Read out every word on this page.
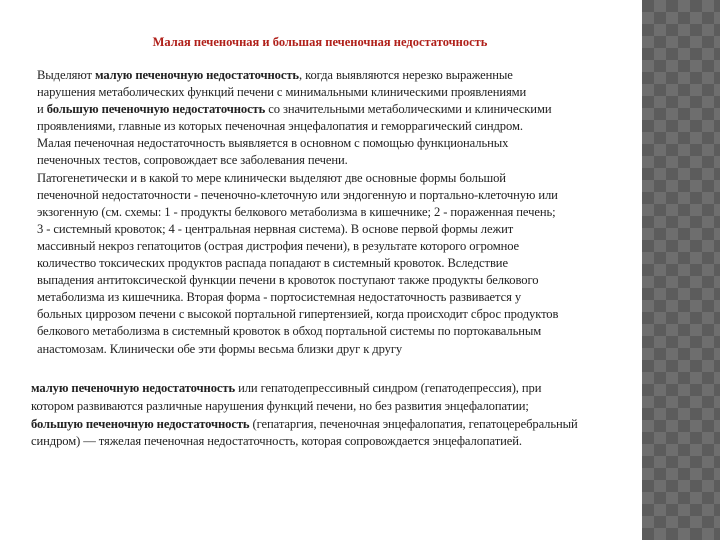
Малая печеночная и большая печеночная недостаточность
Выделяют малую печеночную недостаточность, когда выявляются нерезко выраженные
нарушения метаболических функций печени с минимальными клиническими проявлениями
и большую печеночную недостаточность со значительными метаболическими и клиническими
проявлениями, главные из которых печеночная энцефалопатия и геморрагический синдром.
Малая печеночная недостаточность выявляется в основном с помощью функциональных
печеночных тестов, сопровождает все заболевания печени.
Патогенетически и в какой то мере клинически выделяют две основные формы большой
печеночной недостаточности - печеночно-клеточную или эндогенную и портально-клеточную или
экзогенную (см. схемы: 1 - продукты белкового метаболизма в кишечнике; 2 - пораженная печень;
3 - системный кровоток; 4 - центральная нервная система). В основе первой формы лежит
массивный некроз гепатоцитов (острая дистрофия печени), в результате которого огромное
количество токсических продуктов распада попадают в системный кровоток. Вследствие
выпадения антитоксической функции печени в кровоток поступают также продукты белкового
метаболизма из кишечника. Вторая форма - портосистемная недостаточность развивается у
больных циррозом печени с высокой портальной гипертензией, когда происходит сброс продуктов
белкового метаболизма в системный кровоток в обход портальной системы по портокавальным
анастомозам. Клинически обе эти формы весьма близки друг к другу
малую печеночную недостаточность или гепатодепрессивный синдром (гепатодепрессия), при
котором развиваются различные нарушения функций печени, но без развития энцефалопатии;
большую печеночную недостаточность (гепатаргия, печеночная энцефалопатия, гепатоцеребральный
синдром) — тяжелая печеночная недостаточность, которая сопровождается энцефалопатией.
